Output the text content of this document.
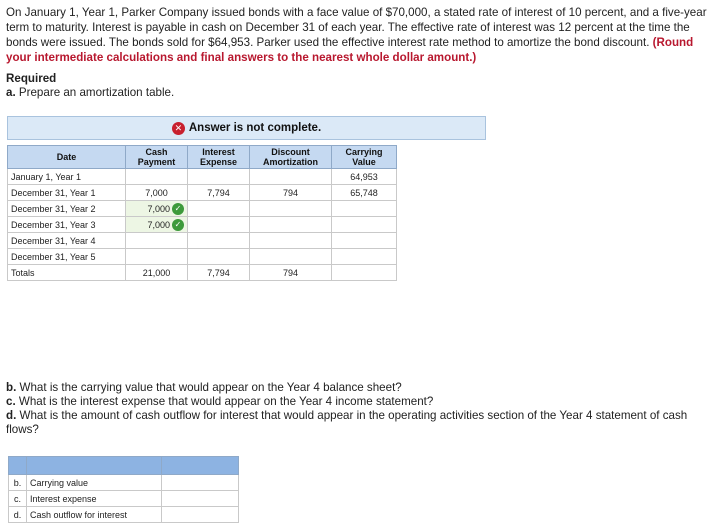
On January 1, Year 1, Parker Company issued bonds with a face value of $70,000, a stated rate of interest of 10 percent, and a five-year term to maturity. Interest is payable in cash on December 31 of each year. The effective rate of interest was 12 percent at the time the bonds were issued. The bonds sold for $64,953. Parker used the effective interest rate method to amortize the bond discount. (Round your intermediate calculations and final answers to the nearest whole dollar amount.)
Required
a. Prepare an amortization table.
✕ Answer is not complete.
Date	Cash Payment	Interest Expense	Discount Amortization	Carrying Value
January 1, Year 1				64,953
December 31, Year 1	7,000	7,794	794	65,748
December 31, Year 2	7,000 ✓			

December 31, Year 3	7,000 ✓			

December 31, Year 4				
December 31, Year 5				
Totals	21,000	7,794	794	
b. What is the carrying value that would appear on the Year 4 balance sheet?
c. What is the interest expense that would appear on the Year 4 income statement?
d. What is the amount of cash outflow for interest that would appear in the operating activities section of the Year 4 statement of cash flows?

b.	Carrying value	
c.	Interest expense	
d.	Cash outflow for interest	
